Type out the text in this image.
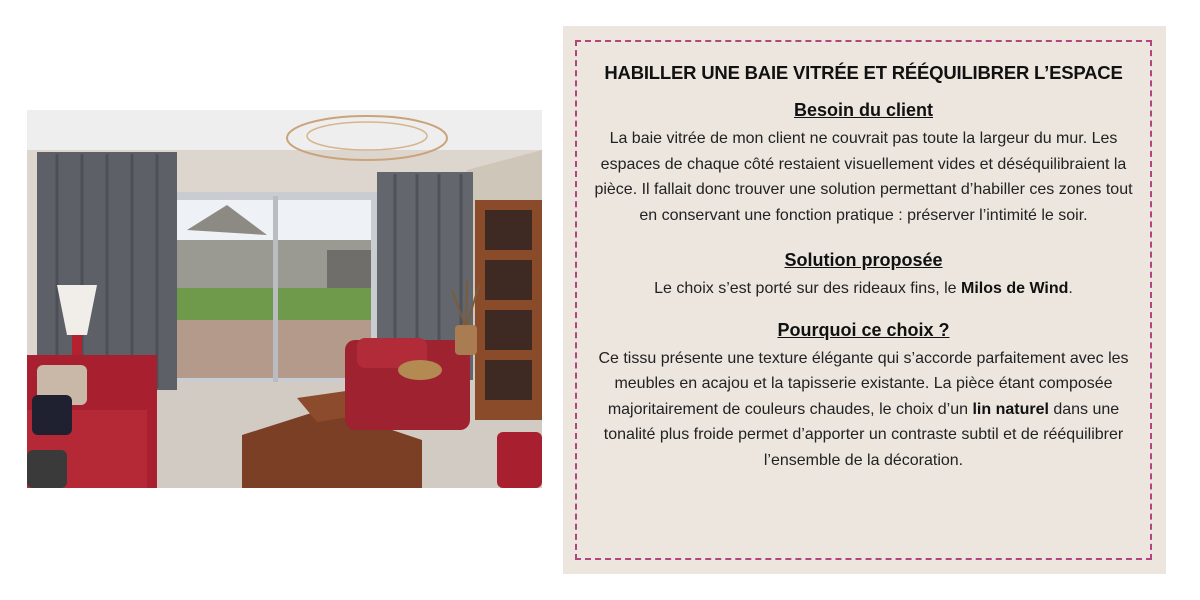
HABILLER UNE BAIE VITRÉE ET RÉÉQUILIBRER L’ESPACE
Besoin du client

La baie vitrée de mon client ne couvrait pas toute la largeur du mur. Les espaces de chaque côté restaient visuellement vides et déséquilibraient la pièce. Il fallait donc trouver une solution permettant d’habiller ces zones tout en conservant une fonction pratique : préserver l’intimité le soir.

Solution proposée

Le choix s’est porté sur des rideaux fins, le Milos de Wind.

Pourquoi ce choix ?

Ce tissu présente une texture élégante qui s’accorde parfaitement avec les meubles en acajou et la tapisserie existante. La pièce étant composée majoritairement de couleurs chaudes, le choix d’un lin naturel dans une tonalité plus froide permet d’apporter un contraste subtil et de rééquilibrer l’ensemble de la décoration.
